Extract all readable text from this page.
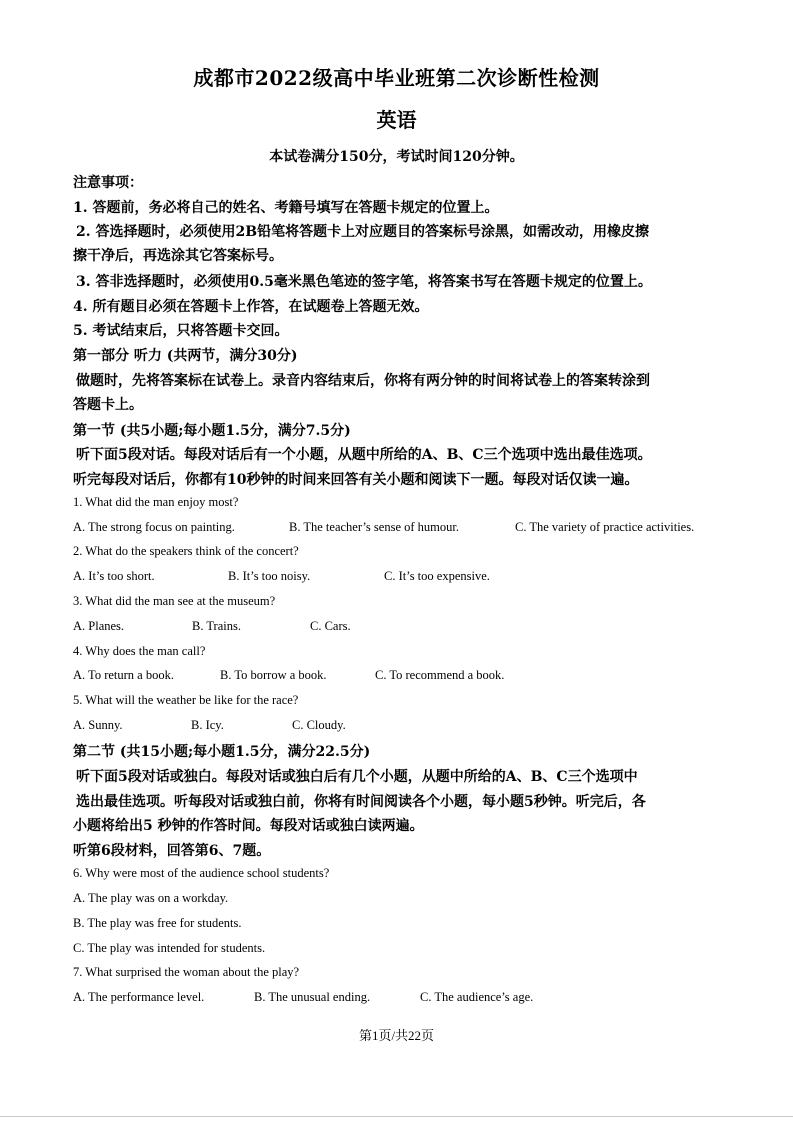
成都市2022级高中毕业班第二次诊断性检测
英语
本试卷满分150分，考试时间120分钟。
注意事项：
1. 答题前，务必将自己的姓名、考籍号填写在答题卡规定的位置上。
2. 答选择题时，必须使用2B铅笔将答题卡上对应题目的答案标号涂黑，如需改动，用橡皮擦
擦干净后，再选涂其它答案标号。
3. 答非选择题时，必须使用0.5毫米黑色笔迹的签字笔，将答案书写在答题卡规定的位置上。
4. 所有题目必须在答题卡上作答，在试题卷上答题无效。
5. 考试结束后，只将答题卡交回。
第一部分 听力 (共两节，满分30分)
做题时，先将答案标在试卷上。录音内容结束后，你将有两分钟的时间将试卷上的答案转涂到
答题卡上。
第一节 (共5小题;每小题1.5分，满分7.5分)
听下面5段对话。每段对话后有一个小题，从题中所给的A、B、C三个选项中选出最佳选项。
听完每段对话后，你都有10秒钟的时间来回答有关小题和阅读下一题。每段对话仅读一遍。
1. What did the man enjoy most?
A. The strong focus on painting.	B. The teacher’s sense of humour.	C. The variety of practice activities.
2. What do the speakers think of the concert?
A. It’s too short.	B. It’s too noisy.	C. It’s too expensive.
3. What did the man see at the museum?
A. Planes.	B. Trains.	C. Cars.
4. Why does the man call?
A. To return a book.	B. To borrow a book.	C. To recommend a book.
5. What will the weather be like for the race?
A. Sunny.	B. Icy.	C. Cloudy.
第二节 (共15小题;每小题1.5分，满分22.5分)
听下面5段对话或独白。每段对话或独白后有几个小题，从题中所给的A、B、C三个选项中
选出最佳选项。听每段对话或独白前，你将有时间阅读各个小题，每小题5秒钟。听完后，各
小题将给出5 秒钟的作答时间。每段对话或独白读两遍。
听第6段材料，回答第6、7题。
6. Why were most of the audience school students?
A. The play was on a workday.
B. The play was free for students.
C. The play was intended for students.
7. What surprised the woman about the play?
A. The performance level.	B. The unusual ending.	C. The audience’s age.
第1页/共22页
